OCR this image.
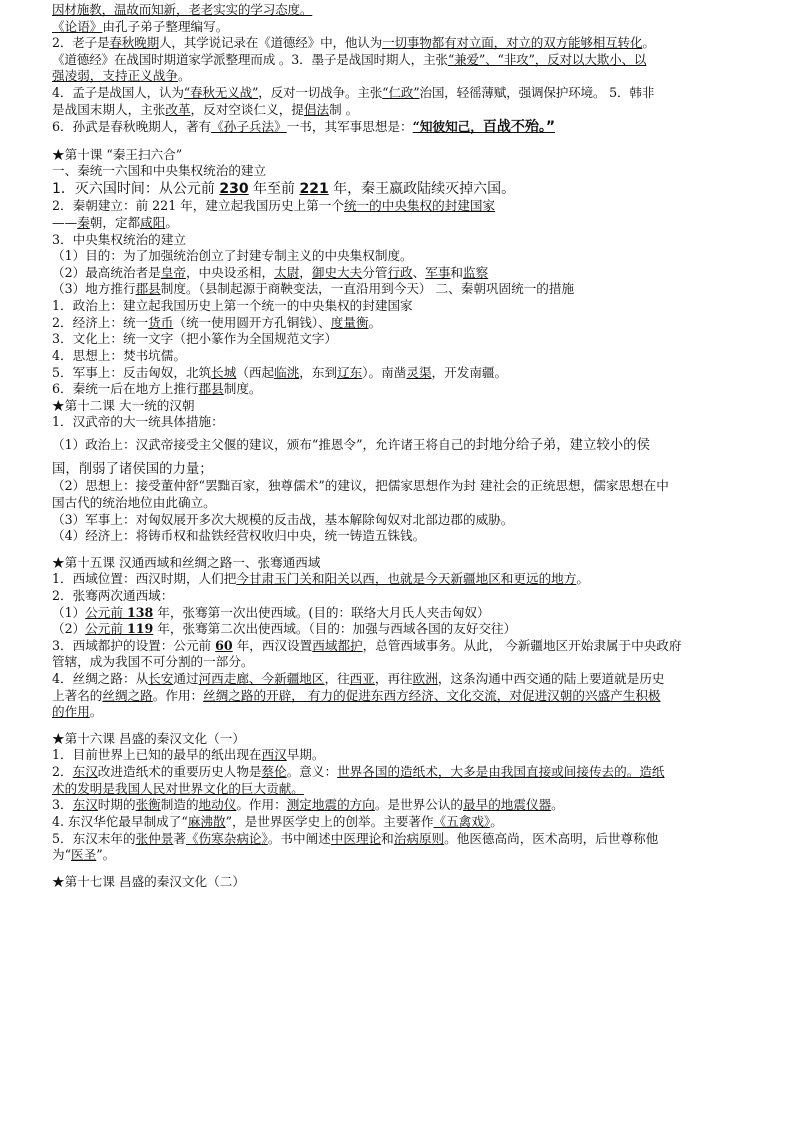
因材施教，温故而知新，老老实实的学习态度。
《论语》由孔子弟子整理编写。
2．老子是春秋晚期人，其学说记录在《道德经》中，他认为一切事物都有对立面，对立的双方能够相互转化。
《道德经》在战国时期道家学派整理而成 。3．墨子是战国时期人，主张“兼爱”、“非攻”，反对以大欺小、以
强凌弱，支持正义战争。
4．孟子是战国人，认为“春秋无义战”，反对一切战争。主张“仁政”治国，轻徭薄赋，强调保护环境。 5．韩非
是战国末期人，主张改革，反对空谈仁义，提倡法制 。
6．孙武是春秋晚期人，著有《孙子兵法》一书，其军事思想是：“知彼知己，百战不殆。”
★第十课 “秦王扫六合”
一、秦统一六国和中央集权统治的建立
1．灭六国时间：从公元前 230 年至前 221 年，秦王嬴政陆续灭掉六国。
2．秦朝建立：前 221 年，建立起我国历史上第一个统一的中央集权的封建国家
——秦朝，定都咸阳。
3．中央集权统治的建立
（1）目的：为了加强统治创立了封建专制主义的中央集权制度。
（2）最高统治者是皇帝，中央设丞相，太尉，御史大夫分管行政、军事和监察
（3）地方推行郡县制度。（县制起源于商鞅变法，一直沿用到今天） 二、秦朝巩固统一的措施
1．政治上：建立起我国历史上第一个统一的中央集权的封建国家
2．经济上：统一货币（统一使用圆开方孔铜钱）、度量衡。
3．文化上：统一文字（把小篆作为全国规范文字）
4．思想上：焚书坑儒。
5．军事上：反击匈奴，北筑长城（西起临洮，东到辽东）。南凿灵渠，开发南疆。
6．秦统一后在地方上推行郡县制度。
★第十二课 大一统的汉朝
1．汉武帝的大一统具体措施：
（1）政治上：汉武帝接受主父偃的建议，颁布“推恩令”，允许诸王将自己的封地分给子弟，建立较小的侯
国，削弱了诸侯国的力量；
（2）思想上：接受董仲舒“罢黜百家，独尊儒术”的建议，把儒家思想作为封 建社会的正统思想，儒家思想在中
国古代的统治地位由此确立。
（3）军事上：对匈奴展开多次大规模的反击战，基本解除匈奴对北部边郡的威胁。
（4）经济上：将铸币权和盐铁经营权收归中央，统一铸造五铢钱。
★第十五课 汉通西域和丝绸之路一、张骞通西域
1．西域位置：西汉时期，人们把今甘肃玉门关和阳关以西，也就是今天新疆地区和更远的地方。
2．张骞两次通西域：
（1）公元前 138 年，张骞第一次出使西域。(目的：联络大月氏人夹击匈奴）
（2）公元前 119 年，张骞第二次出使西域。（目的：加强与西域各国的友好交往）
3．西域都护的设置：公元前 60 年，西汉设置西域都护，总管西域事务。从此， 今新疆地区开始隶属于中央政府
管辖，成为我国不可分割的一部分。
4．丝绸之路：从长安通过河西走廊、今新疆地区，往西亚，再往欧洲，这条沟通中西交通的陆上要道就是历史
上著名的丝绸之路。作用：丝绸之路的开辟， 有力的促进东西方经济、文化交流，对促进汉朝的兴盛产生积极
的作用。
★第十六课 昌盛的秦汉文化（一）
1．目前世界上已知的最早的纸出现在西汉早期。
2．东汉改进造纸术的重要历史人物是蔡伦。意义：世界各国的造纸术，大多是由我国直接或间接传去的。造纸
术的发明是我国人民对世界文化的巨大贡献。
3．东汉时期的张衡制造的地动仪。作用：测定地震的方向。是世界公认的最早的地震仪器。
4. 东汉华佗最早制成了“麻沸散”，是世界医学史上的创举。主要著作《五禽戏》。
5．东汉末年的张仲景著《伤寒杂病论》。书中阐述中医理论和治病原则。他医德高尚，医术高明，后世尊称他
为“医圣”。
★第十七课 昌盛的秦汉文化（二）
